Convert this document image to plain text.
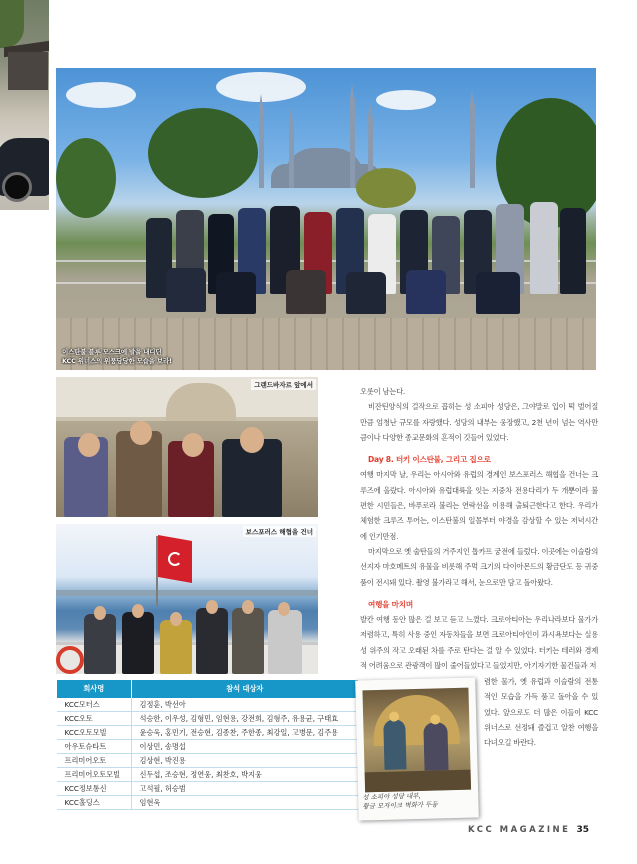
이스탄불 블루 모스크에 발을 내디딘
KCC 위너스의 위풍당당한 모습을 보라!
그랜드바자르 앞에서
보스포러스 해협을 건너

오롯이 남는다.

비잔틴양식의 걸작으로 꼽히는 성 소피아 성당은, 그야말로 입이 떡 벌어질 만큼 엄청난 규모를 자랑했다. 성당의 내부는 웅장했고, 2천 년이 넘는 역사만큼이나 다양한 종교문화의 흔적이 깃들어 있었다.

Day 8. 터키 이스탄불, 그리고 집으로

여행 마지막 날, 우리는 아시아와 유럽의 경계인 보스포러스 해협을 건너는 크루즈에 올랐다. 아시아와 유럽대륙을 잇는 지중차 전용다리가 두 개뿐이라 불편한 시민들은, 바푸로라 불리는 연락선을 이용해 출퇴근한다고 한다. 우리가 체험한 크루즈 투어는, 이스탄불의 일몰부터 야경을 감상할 수 있는 저녁시간에 인기만점.

마지막으로 옛 술탄들의 거주지인 톱카프 궁전에 들렀다. 이곳에는 이슬람의 선지자 마호메트의 유물을 비롯해 주먹 크기의 다이아몬드의 황금단도 등 귀중품이 전시돼 있다. 촬영 불가라고 해서, 눈으로만 담고 돌아왔다.

여행을 마치며

발칸 여행 동안 많은 걸 보고 듣고 느꼈다. 크로아티아는 우리나라보다 물가가 저렴하고, 특히 사용 중인 자동차들을 보면 크로아티아인이 과시욕보다는 실용성 위주의 작고 오래된 차를 주로 탄다는 걸 알 수 있었다. 터키는 테러와 경제적 어려움으로 관광객이 많이 줄어들었다고 들었지만, 아기자기한 물건들과 저

렴한 물가, 옛 유럽과 이슬람의 전통적인 모습을 가득 품고 돌아올 수 있었다. 앞으로도 더 많은 이들이 KCC 위너스로 선정돼 즐겁고 알찬 여행을 다녀오길 바란다.

회사명	참석 대상자
KCC모터스	김정훈, 박선아
KCC오토	석승한, 이우성, 김형민, 임현용, 강전희, 김형주, 유용균, 구태효
KCC오토모빌	윤승욱, 홍민기, 전승현, 김종찬, 주한종, 최강일, 고병문, 김주용
아우토슈타트	이상민, 송명섭
프리미어오토	김상현, 박진용
프리미어오토모빌	신두섭, 조승현, 정연웅, 최찬호, 박지웅
KCC정보통신	고석필, 허승범
KCC홀딩스	임현욱
성 소피아 성당 내부,
황금 모자이크 벽화가 두둥
KCC MAGAZINE 35
